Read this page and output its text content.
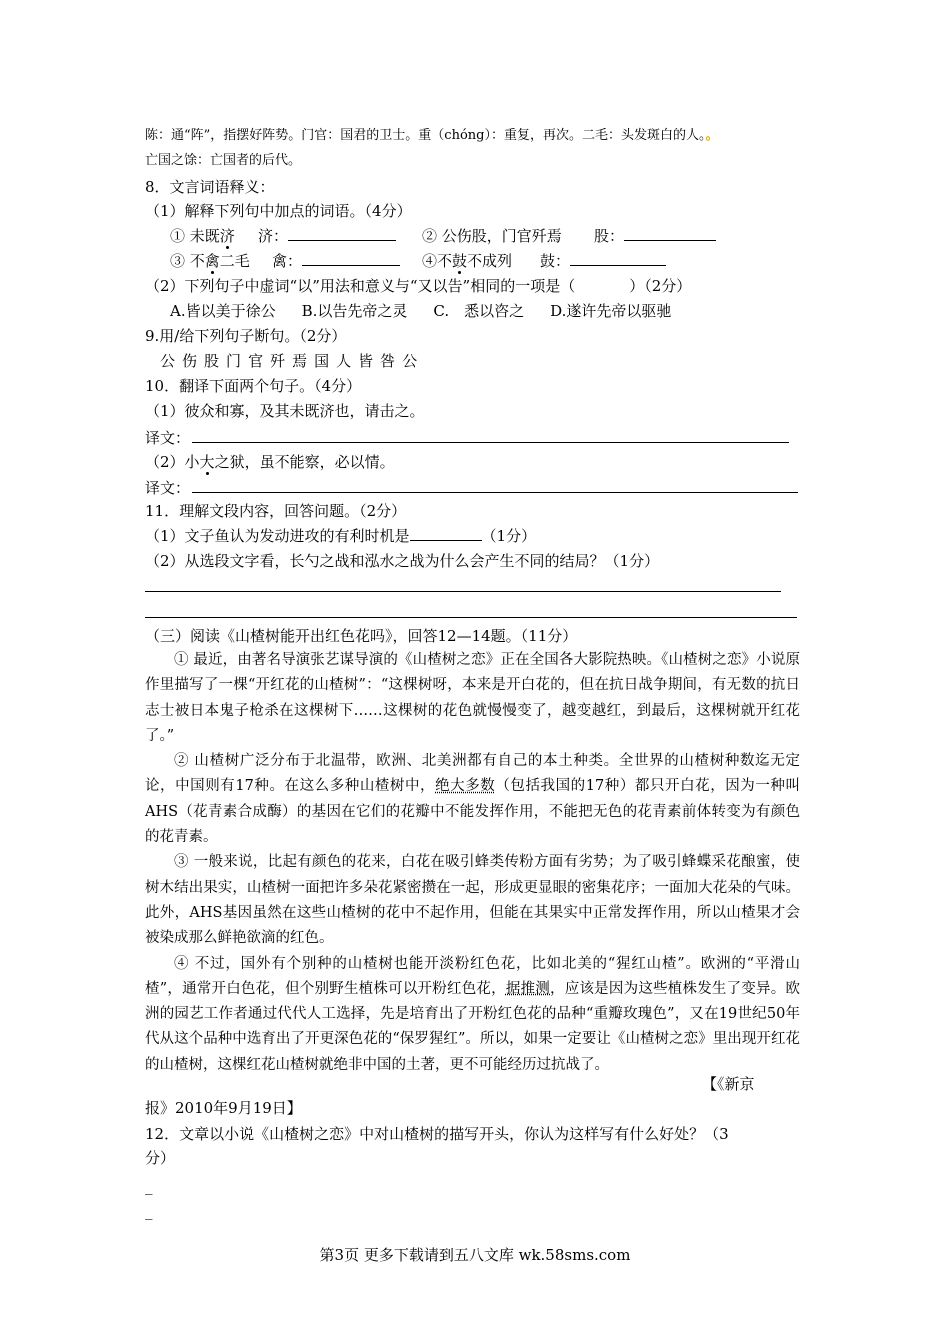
陈：通“阵”，指摆好阵势。门官：国君的卫士。重（chóng）：重复，再次。二毛：头发斑白的人。。
亡国之馀：亡国者的后代。
8．文言词语释义：
（1）解释下列句中加点的词语。（4分）
① 未既济 济：	② 公伤股，门官歼焉 股：
③ 不禽二毛 禽：	④不鼓不成列 鼓：
（2）下列句子中虚词“以”用法和意义与“又以告”相同的一项是（	）（2分）
A.皆以美于徐公 B.以告先帝之灵 C.　悉以咨之 D.遂许先帝以驱驰
9.用/给下列句子断句。（2分）
公 伤 股 门 官 歼 焉 国 人 皆 咎 公
10．翻译下面两个句子。（4分）
（1）彼众和寡，及其未既济也，请击之。
译文：
（2）小大之狱，虽不能察，必以情。
译文：
11．理解文段内容，回答问题。（2分）
（1）文子鱼认为发动进攻的有利时机是	（1分）
（2）从选段文字看，长勺之战和泓水之战为什么会产生不同的结局？（1分）
（三）阅读《山楂树能开出红色花吗》，回答12—14题。（11分）

① 最近，由著名导演张艺谋导演的《山楂树之恋》正在全国各大影院热映。《山楂树之恋》小说原作里描写了一棵“开红花的山楂树”：“这棵树呀，本来是开白花的，但在抗日战争期间，有无数的抗日志士被日本鬼子枪杀在这棵树下……这棵树的花色就慢慢变了，越变越红，到最后，这棵树就开红花了。”

② 山楂树广泛分布于北温带，欧洲、北美洲都有自己的本土种类。全世界的山楂树种数迄无定论，中国则有17种。在这么多种山楂树中，绝大多数（包括我国的17种）都只开白花，因为一种叫AHS（花青素合成酶）的基因在它们的花瓣中不能发挥作用，不能把无色的花青素前体转变为有颜色的花青素。

③ 一般来说，比起有颜色的花来，白花在吸引蜂类传粉方面有劣势；为了吸引蜂蝶采花酿蜜，使树木结出果实，山楂树一面把许多朵花紧密攒在一起，形成更显眼的密集花序；一面加大花朵的气味。此外，AHS基因虽然在这些山楂树的花中不起作用，但能在其果实中正常发挥作用，所以山楂果才会被染成那么鲜艳欲滴的红色。

④ 不过，国外有个别种的山楂树也能开淡粉红色花，比如北美的“猩红山楂”。欧洲的“平滑山楂”，通常开白色花，但个别野生植株可以开粉红色花，据推测，应该是因为这些植株发生了变异。欧洲的园艺工作者通过代代人工选择，先是培育出了开粉红色花的品种“重瓣玫瑰色”，又在19世纪50年代从这个品种中选育出了开更深色花的“保罗猩红”。所以，如果一定要让《山楂树之恋》里出现开红花的山楂树，这棵红花山楂树就绝非中国的土著，更不可能经历过抗战了。

【《新京
报》2010年9月19日】
12．文章以小说《山楂树之恋》中对山楂树的描写开头，你认为这样写有什么好处？（3
分）
_
_
第3页 更多下载请到五八文库 wk.58sms.com
